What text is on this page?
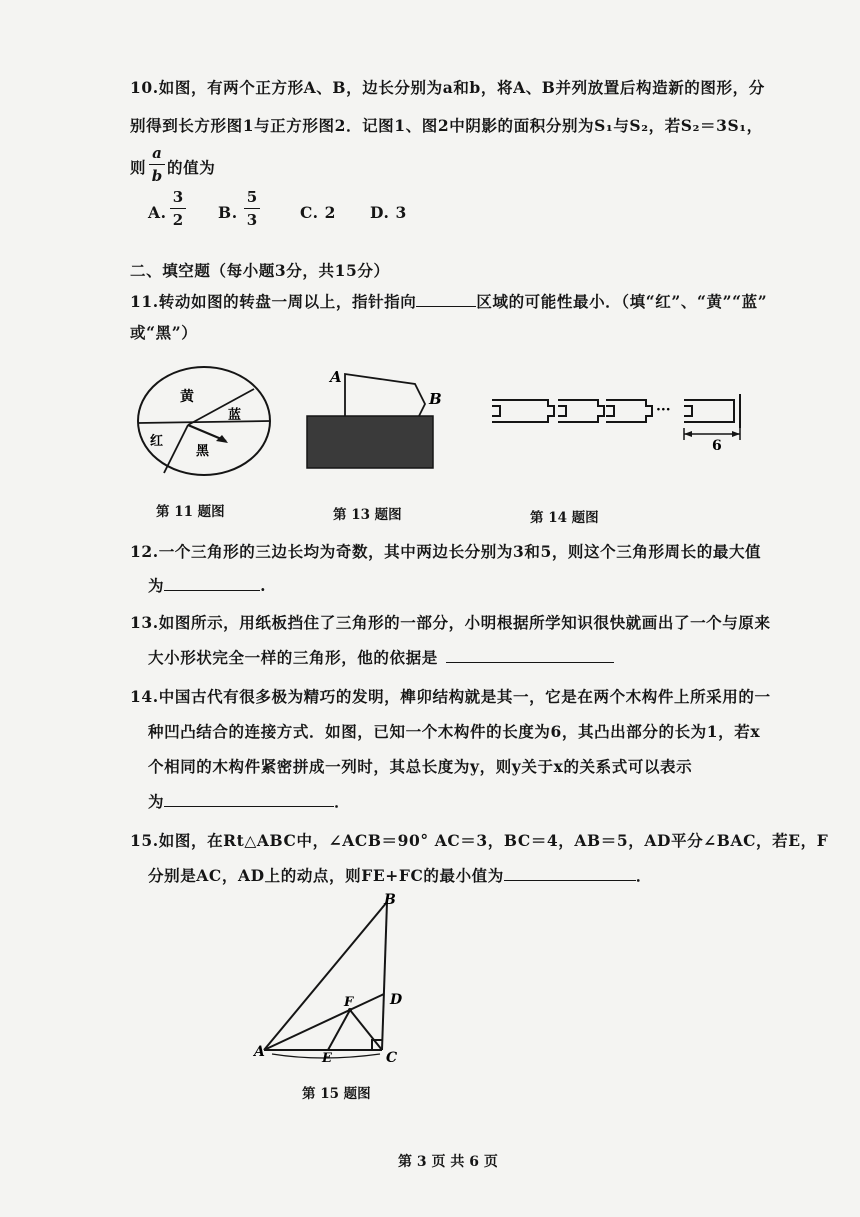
10.如图，有两个正方形A、B，边长分别为a和b，将A、B并列放置后构造新的图形，分
别得到长方形图1与正方形图2．记图1、图2中阴影的面积分别为S₁与S₂，若S₂＝3S₁，
则
a
b 的值为
A.
3
2 B.
5
3	C. 2 D. 3
二、填空题（每小题3分，共15分）
11.转动如图的转盘一周以上，指针指向	区域的可能性最小．（填“红”、“黄”“蓝”
或“黑”）
黄
蓝
红
黑
第 11 题图
A
B
第 13 题图
···
6
第 14 题图
12.一个三角形的三边长均为奇数，其中两边长分别为3和5，则这个三角形周长的最大值
为	.
13.如图所示，用纸板挡住了三角形的一部分，小明根据所学知识很快就画出了一个与原来
大小形状完全一样的三角形，他的依据是
14.中国古代有很多极为精巧的发明，榫卯结构就是其一，它是在两个木构件上所采用的一
种凹凸结合的连接方式．如图，已知一个木构件的长度为6，其凸出部分的长为1，若x
个相同的木构件紧密拼成一列时，其总长度为y，则y关于x的关系式可以表示
为	．
15.如图，在Rt△ABC中，∠ACB＝90° AC＝3，BC＝4，AB＝5，AD平分∠BAC，若E，F
分别是AC，AD上的动点，则FE+FC的最小值为	．
B
D
F
A	E	C
第 15 题图
第 3 页 共 6 页
